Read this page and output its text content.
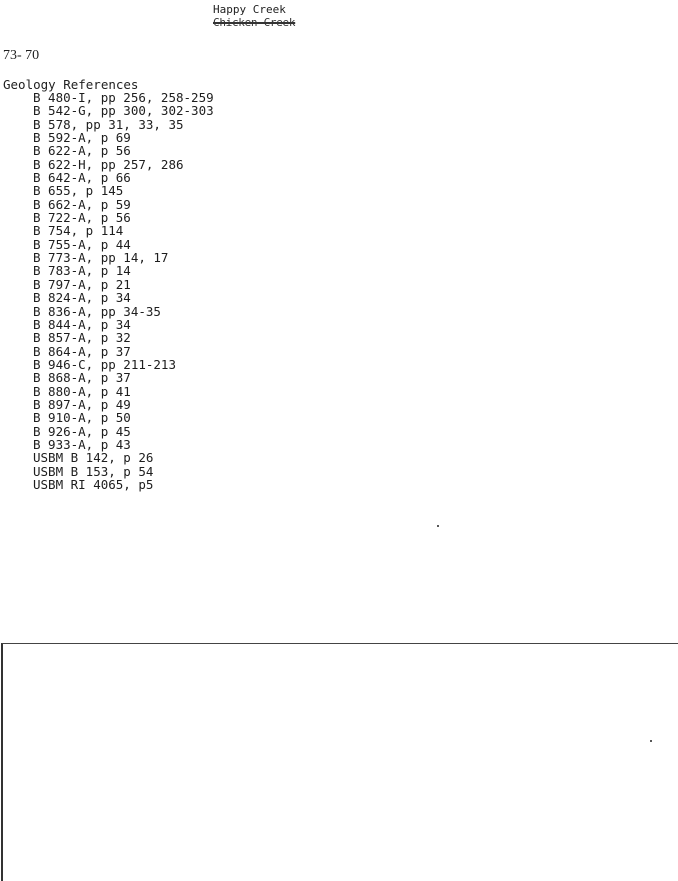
Happy Creek
Chicken Creek
73- 70
Geology References
B 480-I, pp 256, 258-259
B 542-G, pp 300, 302-303
B 578, pp 31, 33, 35
B 592-A, p 69
B 622-A, p 56
B 622-H, pp 257, 286
B 642-A, p 66
B 655, p 145
B 662-A, p 59
B 722-A, p 56
B 754, p 114
B 755-A, p 44
B 773-A, pp 14, 17
B 783-A, p 14
B 797-A, p 21
B 824-A, p 34
B 836-A, pp 34-35
B 844-A, p 34
B 857-A, p 32
B 864-A, p 37
B 946-C, pp 211-213
B 868-A, p 37
B 880-A, p 41
B 897-A, p 49
B 910-A, p 50
B 926-A, p 45
B 933-A, p 43
USBM B 142, p 26
USBM B 153, p 54
USBM RI 4065, p5
